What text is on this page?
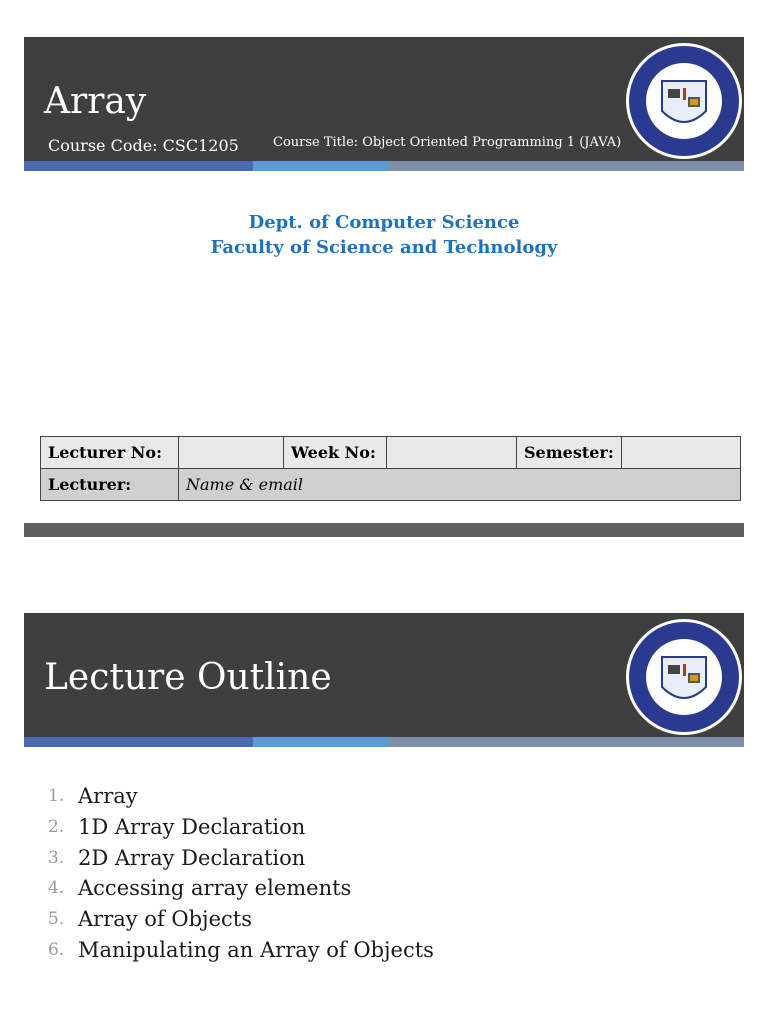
Array
Course Code: CSC1205	Course Title: Object Oriented Programming 1 (JAVA)
Dept. of Computer Science
Faculty of Science and Technology
Lecturer No:		Week No:		Semester:	
Lecturer:	Name & email				
Lecture Outline
1. Array
2. 1D Array Declaration
3. 2D Array Declaration
4. Accessing array elements
5. Array of Objects
6. Manipulating an Array of Objects
